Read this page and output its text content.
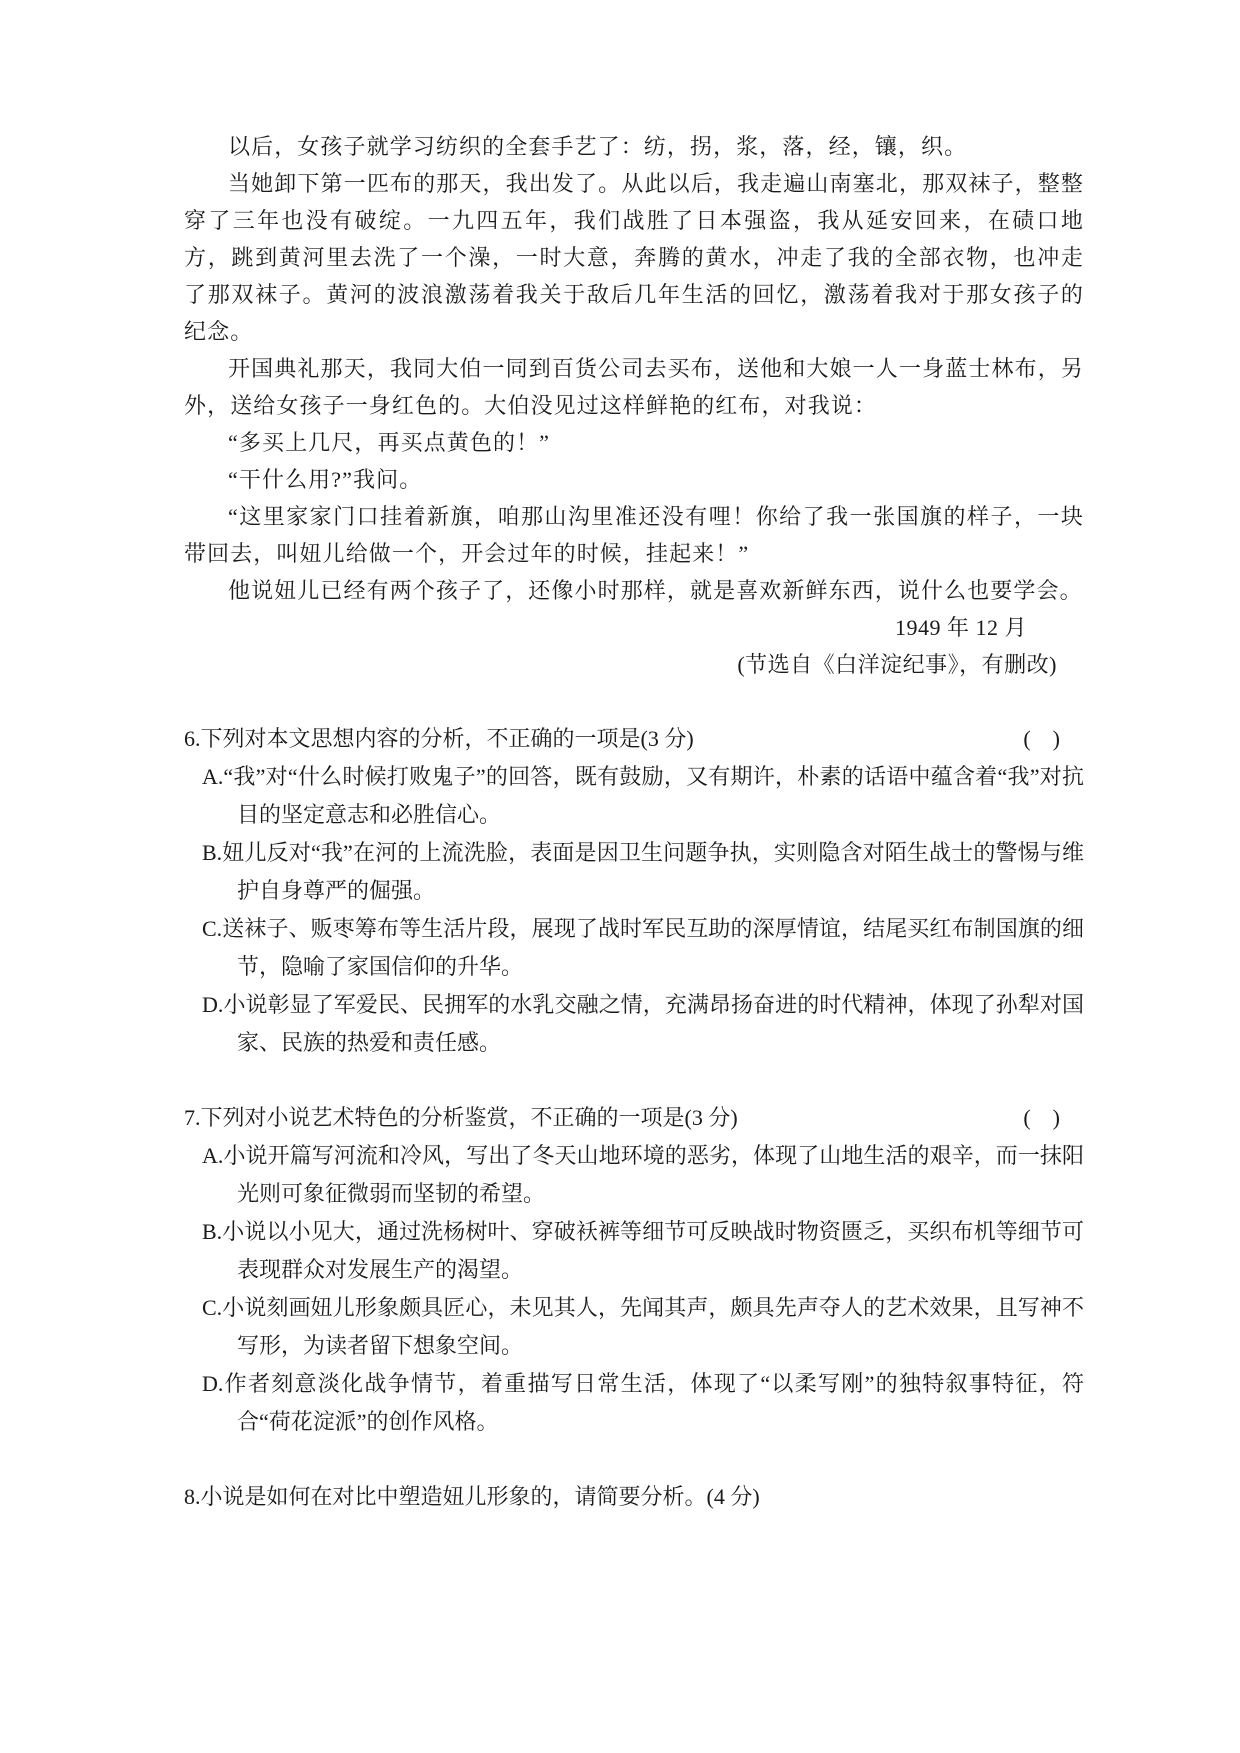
以后，女孩子就学习纺织的全套手艺了：纺，拐，浆，落，经，镶，织。

当她卸下第一匹布的那天，我出发了。从此以后，我走遍山南塞北，那双袜子，整整穿了三年也没有破绽。一九四五年，我们战胜了日本强盗，我从延安回来，在碛口地方，跳到黄河里去洗了一个澡，一时大意，奔腾的黄水，冲走了我的全部衣物，也冲走了那双袜子。黄河的波浪激荡着我关于敌后几年生活的回忆，激荡着我对于那女孩子的纪念。

开国典礼那天，我同大伯一同到百货公司去买布，送他和大娘一人一身蓝士林布，另外，送给女孩子一身红色的。大伯没见过这样鲜艳的红布，对我说：

“多买上几尺，再买点黄色的！”

“干什么用?”我问。

“这里家家门口挂着新旗，咱那山沟里准还没有哩！你给了我一张国旗的样子，一块带回去，叫妞儿给做一个，开会过年的时候，挂起来！”

他说妞儿已经有两个孩子了，还像小时那样，就是喜欢新鲜东西，说什么也要学会。

1949 年 12 月

(节选自《白洋淀纪事》，有删改)

6.下列对本文思想内容的分析，不正确的一项是(3 分)	(　)

A.“我”对“什么时候打败鬼子”的回答，既有鼓励，又有期许，朴素的话语中蕴含着“我”对抗目的坚定意志和必胜信心。

B.妞儿反对“我”在河的上流洗脸，表面是因卫生问题争执，实则隐含对陌生战士的警惕与维护自身尊严的倔强。

C.送袜子、贩枣筹布等生活片段，展现了战时军民互助的深厚情谊，结尾买红布制国旗的细节，隐喻了家国信仰的升华。

D.小说彰显了军爱民、民拥军的水乳交融之情，充满昂扬奋进的时代精神，体现了孙犁对国家、民族的热爱和责任感。

7.下列对小说艺术特色的分析鉴赏，不正确的一项是(3 分)	(　)

A.小说开篇写河流和冷风，写出了冬天山地环境的恶劣，体现了山地生活的艰辛，而一抹阳光则可象征微弱而坚韧的希望。

B.小说以小见大，通过洗杨树叶、穿破袄裤等细节可反映战时物资匮乏，买织布机等细节可表现群众对发展生产的渴望。

C.小说刻画妞儿形象颇具匠心，未见其人，先闻其声，颇具先声夺人的艺术效果，且写神不写形，为读者留下想象空间。

D.作者刻意淡化战争情节，着重描写日常生活，体现了“以柔写刚”的独特叙事特征，符合“荷花淀派”的创作风格。

8.小说是如何在对比中塑造妞儿形象的，请简要分析。(4 分)
